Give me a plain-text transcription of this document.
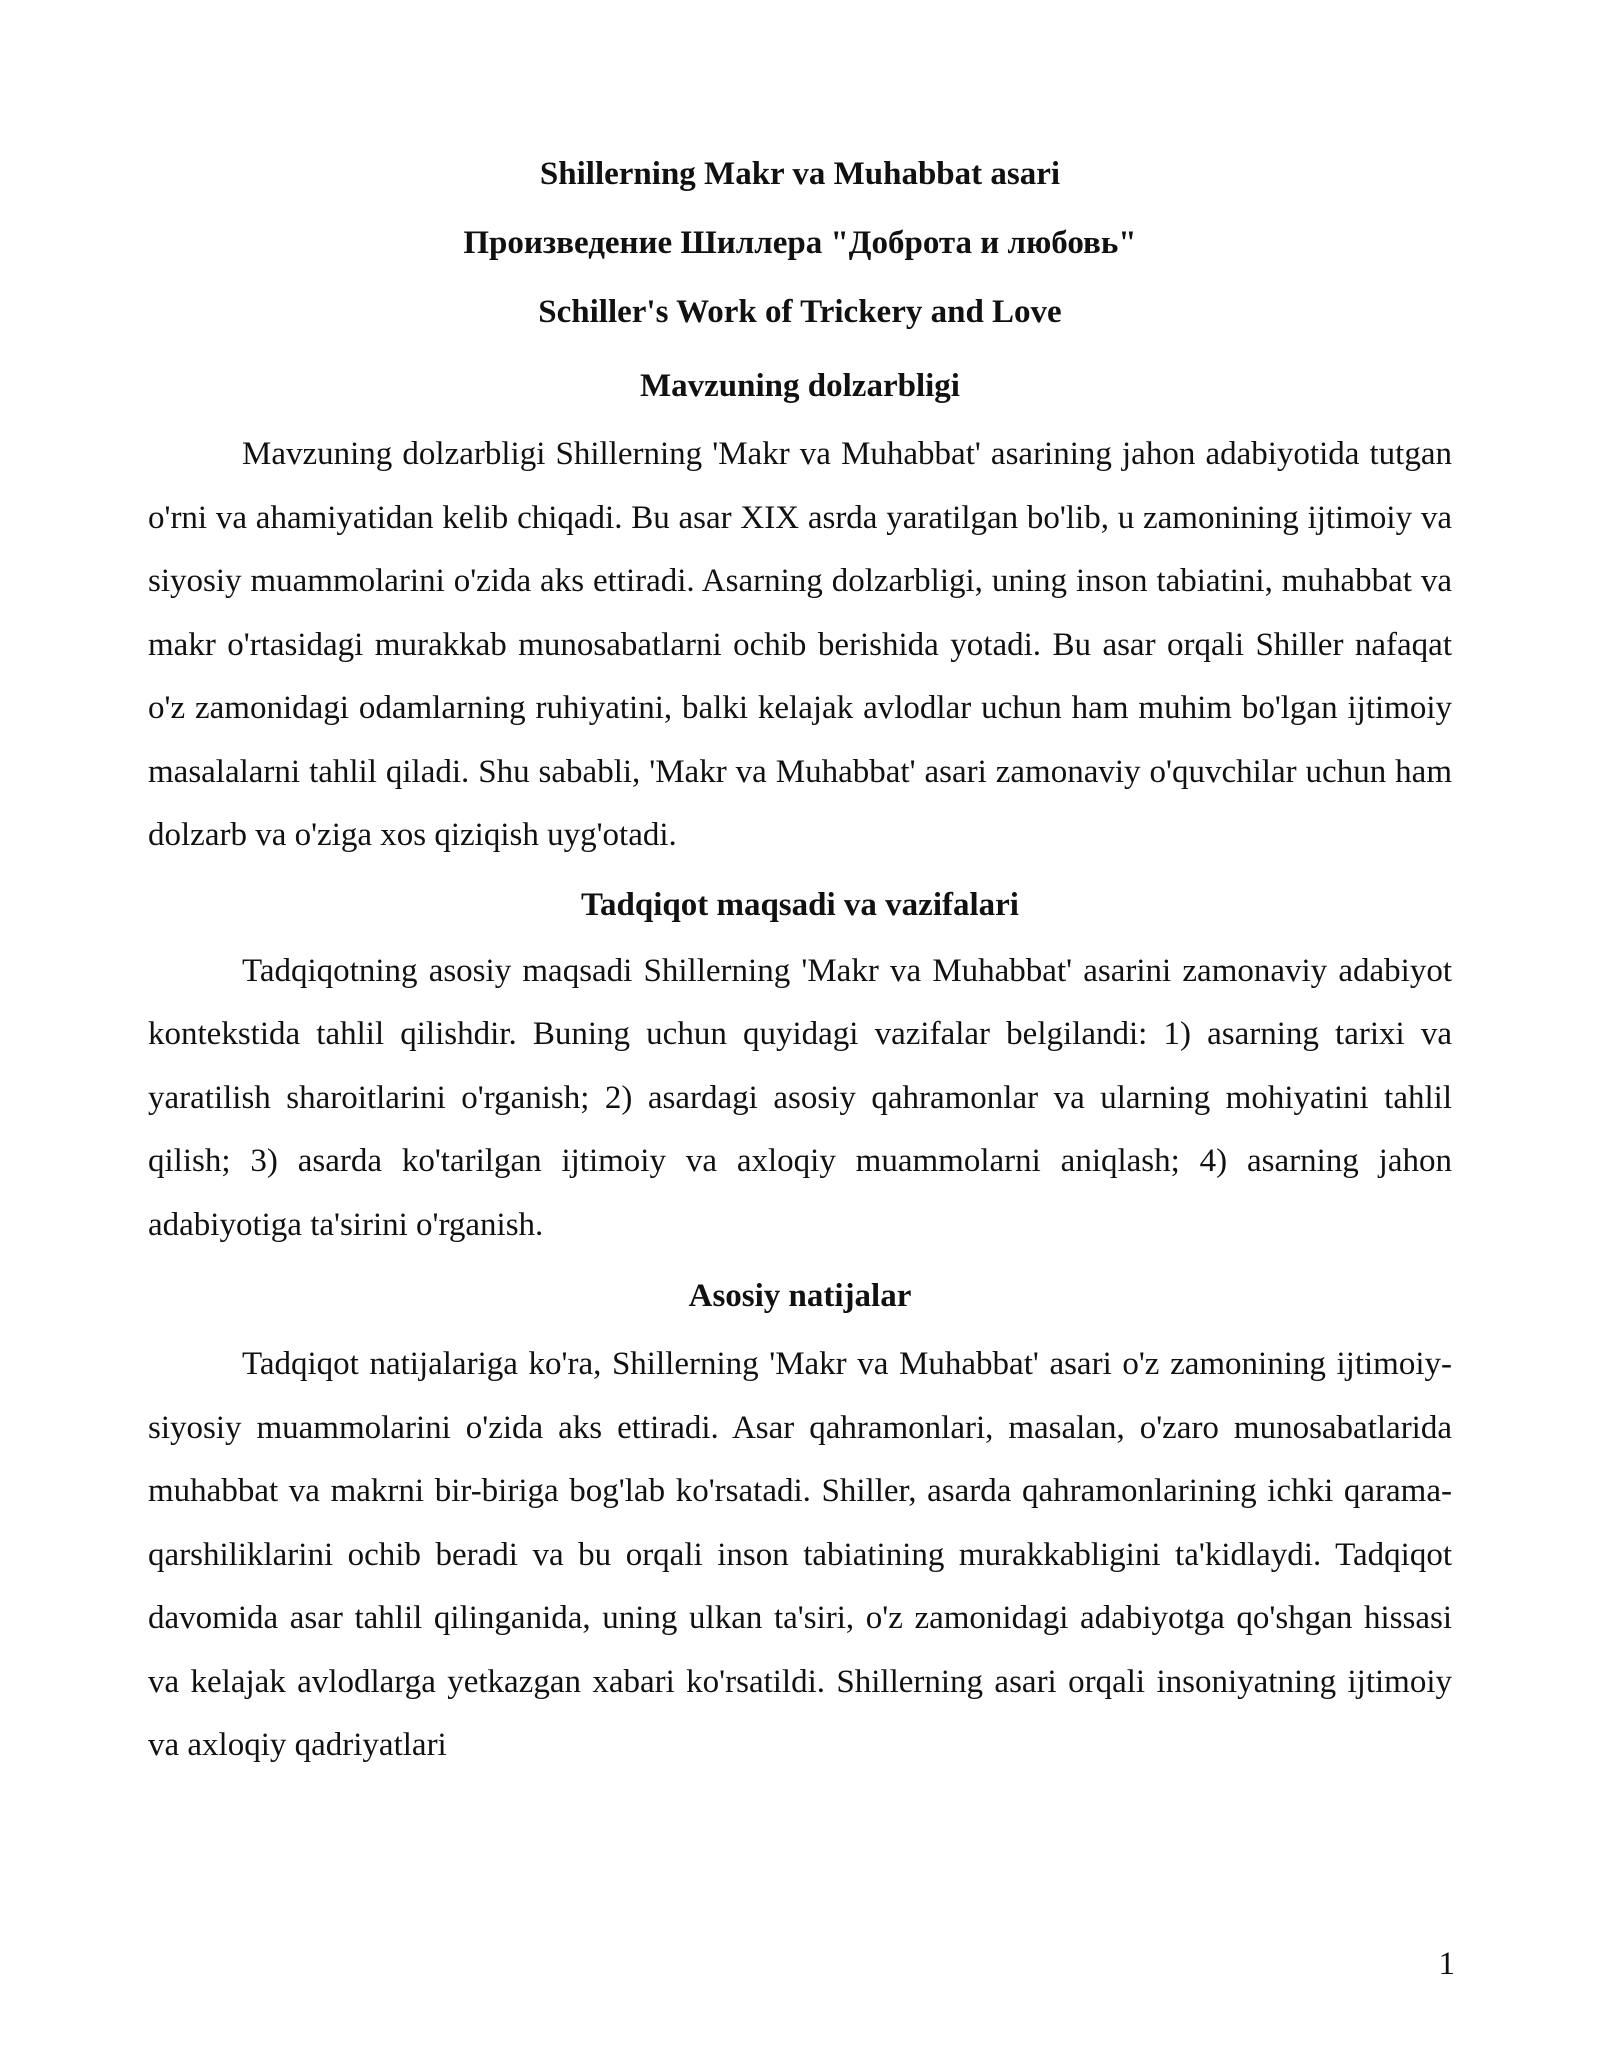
Shillerning Makr va Muhabbat asari
Произведение Шиллера "Доброта и любовь"
Schiller's Work of Trickery and Love
Mavzuning dolzarbligi

Mavzuning dolzarbligi Shillerning 'Makr va Muhabbat' asarining jahon adabiyotida tutgan o'rni va ahamiyatidan kelib chiqadi. Bu asar XIX asrda yaratilgan bo'lib, u zamonining ijtimoiy va siyosiy muammolarini o'zida aks ettiradi. Asarning dolzarbligi, uning inson tabiatini, muhabbat va makr o'rtasidagi murakkab munosabatlarni ochib berishida yotadi. Bu asar orqali Shiller nafaqat o'z zamonidagi odamlarning ruhiyatini, balki kelajak avlodlar uchun ham muhim bo'lgan ijtimoiy masalalarni tahlil qiladi. Shu sababli, 'Makr va Muhabbat' asari zamonaviy o'quvchilar uchun ham dolzarb va o'ziga xos qiziqish uyg'otadi.

Tadqiqot maqsadi va vazifalari

Tadqiqotning asosiy maqsadi Shillerning 'Makr va Muhabbat' asarini zamonaviy adabiyot kontekstida tahlil qilishdir. Buning uchun quyidagi vazifalar belgilandi: 1) asarning tarixi va yaratilish sharoitlarini o'rganish; 2) asardagi asosiy qahramonlar va ularning mohiyatini tahlil qilish; 3) asarda ko'tarilgan ijtimoiy va axloqiy muammolarni aniqlash; 4) asarning jahon adabiyotiga ta'sirini o'rganish.

Asosiy natijalar

Tadqiqot natijalariga ko'ra, Shillerning 'Makr va Muhabbat' asari o'z zamonining ijtimoiy-siyosiy muammolarini o'zida aks ettiradi. Asar qahramonlari, masalan, o'zaro munosabatlarida muhabbat va makrni bir-biriga bog'lab ko'rsatadi. Shiller, asarda qahramonlarining ichki qarama-qarshiliklarini ochib beradi va bu orqali inson tabiatining murakkabligini ta'kidlaydi. Tadqiqot davomida asar tahlil qilinganida, uning ulkan ta'siri, o'z zamonidagi adabiyotga qo'shgan hissasi va kelajak avlodlarga yetkazgan xabari ko'rsatildi. Shillerning asari orqali insoniyatning ijtimoiy va axloqiy qadriyatlari

1
